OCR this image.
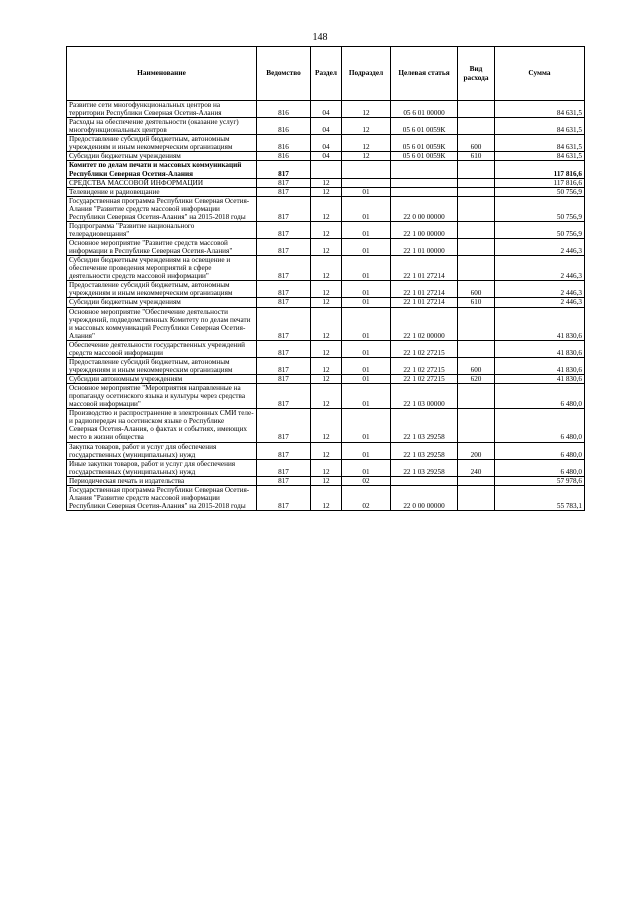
148
Наименование	Ведомство	Раздел	Подраздел	Целевая статья	Вид расхода	Сумма
Развитие сети многофункциональных центров на территории Республики Северная Осетия-Алания	816	04	12	05 6 01 00000		84 631,5
Расходы на обеспечение деятельности (оказание услуг) многофункциональных центров	816	04	12	05 6 01 0059К		84 631,5
Предоставление субсидий бюджетным, автономным учреждениям и иным некоммерческим организациям	816	04	12	05 6 01 0059К	600	84 631,5
Субсидии бюджетным учреждениям	816	04	12	05 6 01 0059К	610	84 631,5
Комитет по делам печати и массовых коммуникаций Республики Северная Осетия-Алания	817					117 816,6
СРЕДСТВА МАССОВОЙ ИНФОРМАЦИИ	817	12				117 816,6
Телевидение и радиовещание	817	12	01			50 756,9
Государственная программа Республики Северная Осетия-Алания "Развитие средств массовой информации Республики Северная Осетия-Алания" на 2015-2018 годы	817	12	01	22 0 00 00000		50 756,9
Подпрограмма "Развитие национального телерадиовещания"	817	12	01	22 1 00 00000		50 756,9
Основное мероприятие "Развитие средств массовой информации в Республике Северная Осетия-Алания"	817	12	01	22 1 01 00000		2 446,3
Субсидии бюджетным учреждениям на освещение и обеспечение проведения мероприятий в сфере деятельности средств массовой информации"	817	12	01	22 1 01 27214		2 446,3
Предоставление субсидий бюджетным, автономным учреждениям и иным некоммерческим организациям	817	12	01	22 1 01 27214	600	2 446,3
Субсидии бюджетным учреждениям	817	12	01	22 1 01 27214	610	2 446,3
Основное мероприятие "Обеспечение деятельности учреждений, подведомственных Комитету по делам печати и массовых коммуникаций Республики Северная Осетия-Алания"	817	12	01	22 1 02 00000		41 830,6
Обеспечение деятельности государственных учреждений средств массовой информации	817	12	01	22 1 02 27215		41 830,6
Предоставление субсидий бюджетным, автономным учреждениям и иным некоммерческим организациям	817	12	01	22 1 02 27215	600	41 830,6
Субсидии автономным учреждениям	817	12	01	22 1 02 27215	620	41 830,6
Основное мероприятие "Мероприятия направленные на пропаганду осетинского языка и культуры через средства массовой информации"	817	12	01	22 1 03 00000		6 480,0
Производство и распространение в электронных СМИ теле- и радиопередач на осетинском языке о Республике Северная Осетия-Алания, о фактах и событиях, имеющих место в жизни общества	817	12	01	22 1 03 29258		6 480,0
Закупка товаров, работ и услуг для обеспечения государственных (муниципальных) нужд	817	12	01	22 1 03 29258	200	6 480,0
Иные закупки товаров, работ и услуг для обеспечения государственных (муниципальных) нужд	817	12	01	22 1 03 29258	240	6 480,0
Периодическая печать и издательства	817	12	02			57 978,6
Государственная программа Республики Северная Осетия-Алания "Развитие средств массовой информации Республики Северная Осетия-Алания" на 2015-2018 годы	817	12	02	22 0 00 00000		55 783,1
